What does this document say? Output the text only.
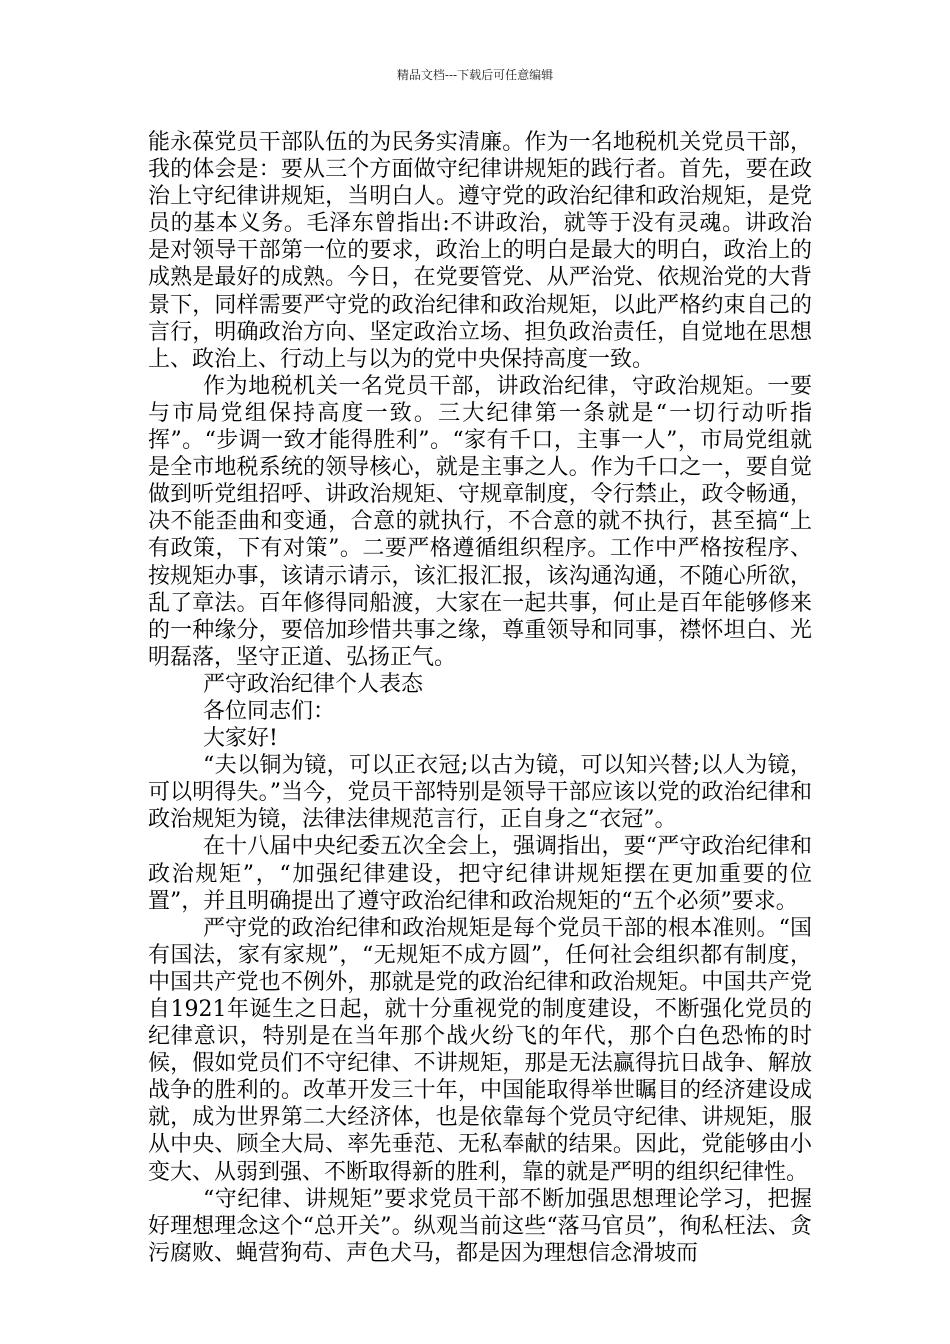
精品文档---下载后可任意编辑

能永葆党员干部队伍的为民务实清廉。作为一名地税机关党员干部，我的体会是：要从三个方面做守纪律讲规矩的践行者。首先，要在政治上守纪律讲规矩，当明白人。遵守党的政治纪律和政治规矩，是党员的基本义务。毛泽东曾指出:不讲政治，就等于没有灵魂。讲政治是对领导干部第一位的要求，政治上的明白是最大的明白，政治上的成熟是最好的成熟。今日，在党要管党、从严治党、依规治党的大背景下，同样需要严守党的政治纪律和政治规矩，以此严格约束自己的言行，明确政治方向、坚定政治立场、担负政治责任，自觉地在思想上、政治上、行动上与以为的党中央保持高度一致。

作为地税机关一名党员干部，讲政治纪律，守政治规矩。一要与市局党组保持高度一致。三大纪律第一条就是“一切行动听指挥”。“步调一致才能得胜利”。“家有千口，主事一人”，市局党组就是全市地税系统的领导核心，就是主事之人。作为千口之一，要自觉做到听党组招呼、讲政治规矩、守规章制度，令行禁止，政令畅通，决不能歪曲和变通，合意的就执行，不合意的就不执行，甚至搞“上有政策，下有对策”。二要严格遵循组织程序。工作中严格按程序、按规矩办事，该请示请示，该汇报汇报，该沟通沟通，不随心所欲，乱了章法。百年修得同船渡，大家在一起共事，何止是百年能够修来的一种缘分，要倍加珍惜共事之缘，尊重领导和同事，襟怀坦白、光明磊落，坚守正道、弘扬正气。

严守政治纪律个人表态

各位同志们：

大家好!

“夫以铜为镜，可以正衣冠;以古为镜，可以知兴替;以人为镜，可以明得失。”当今，党员干部特别是领导干部应该以党的政治纪律和政治规矩为镜，法律法律规范言行，正自身之“衣冠”。

在十八届中央纪委五次全会上，强调指出，要“严守政治纪律和政治规矩”，“加强纪律建设，把守纪律讲规矩摆在更加重要的位置”，并且明确提出了遵守政治纪律和政治规矩的“五个必须”要求。

严守党的政治纪律和政治规矩是每个党员干部的根本准则。“国有国法，家有家规”，“无规矩不成方圆”，任何社会组织都有制度，中国共产党也不例外，那就是党的政治纪律和政治规矩。中国共产党自1921年诞生之日起，就十分重视党的制度建设，不断强化党员的纪律意识，特别是在当年那个战火纷飞的年代，那个白色恐怖的时候，假如党员们不守纪律、不讲规矩，那是无法赢得抗日战争、解放战争的胜利的。改革开发三十年，中国能取得举世瞩目的经济建设成就，成为世界第二大经济体，也是依靠每个党员守纪律、讲规矩，服从中央、顾全大局、率先垂范、无私奉献的结果。因此，党能够由小变大、从弱到强、不断取得新的胜利，靠的就是严明的组织纪律性。

“守纪律、讲规矩”要求党员干部不断加强思想理论学习，把握好理想理念这个“总开关”。纵观当前这些“落马官员”，徇私枉法、贪污腐败、蝇营狗苟、声色犬马，都是因为理想信念滑坡而
